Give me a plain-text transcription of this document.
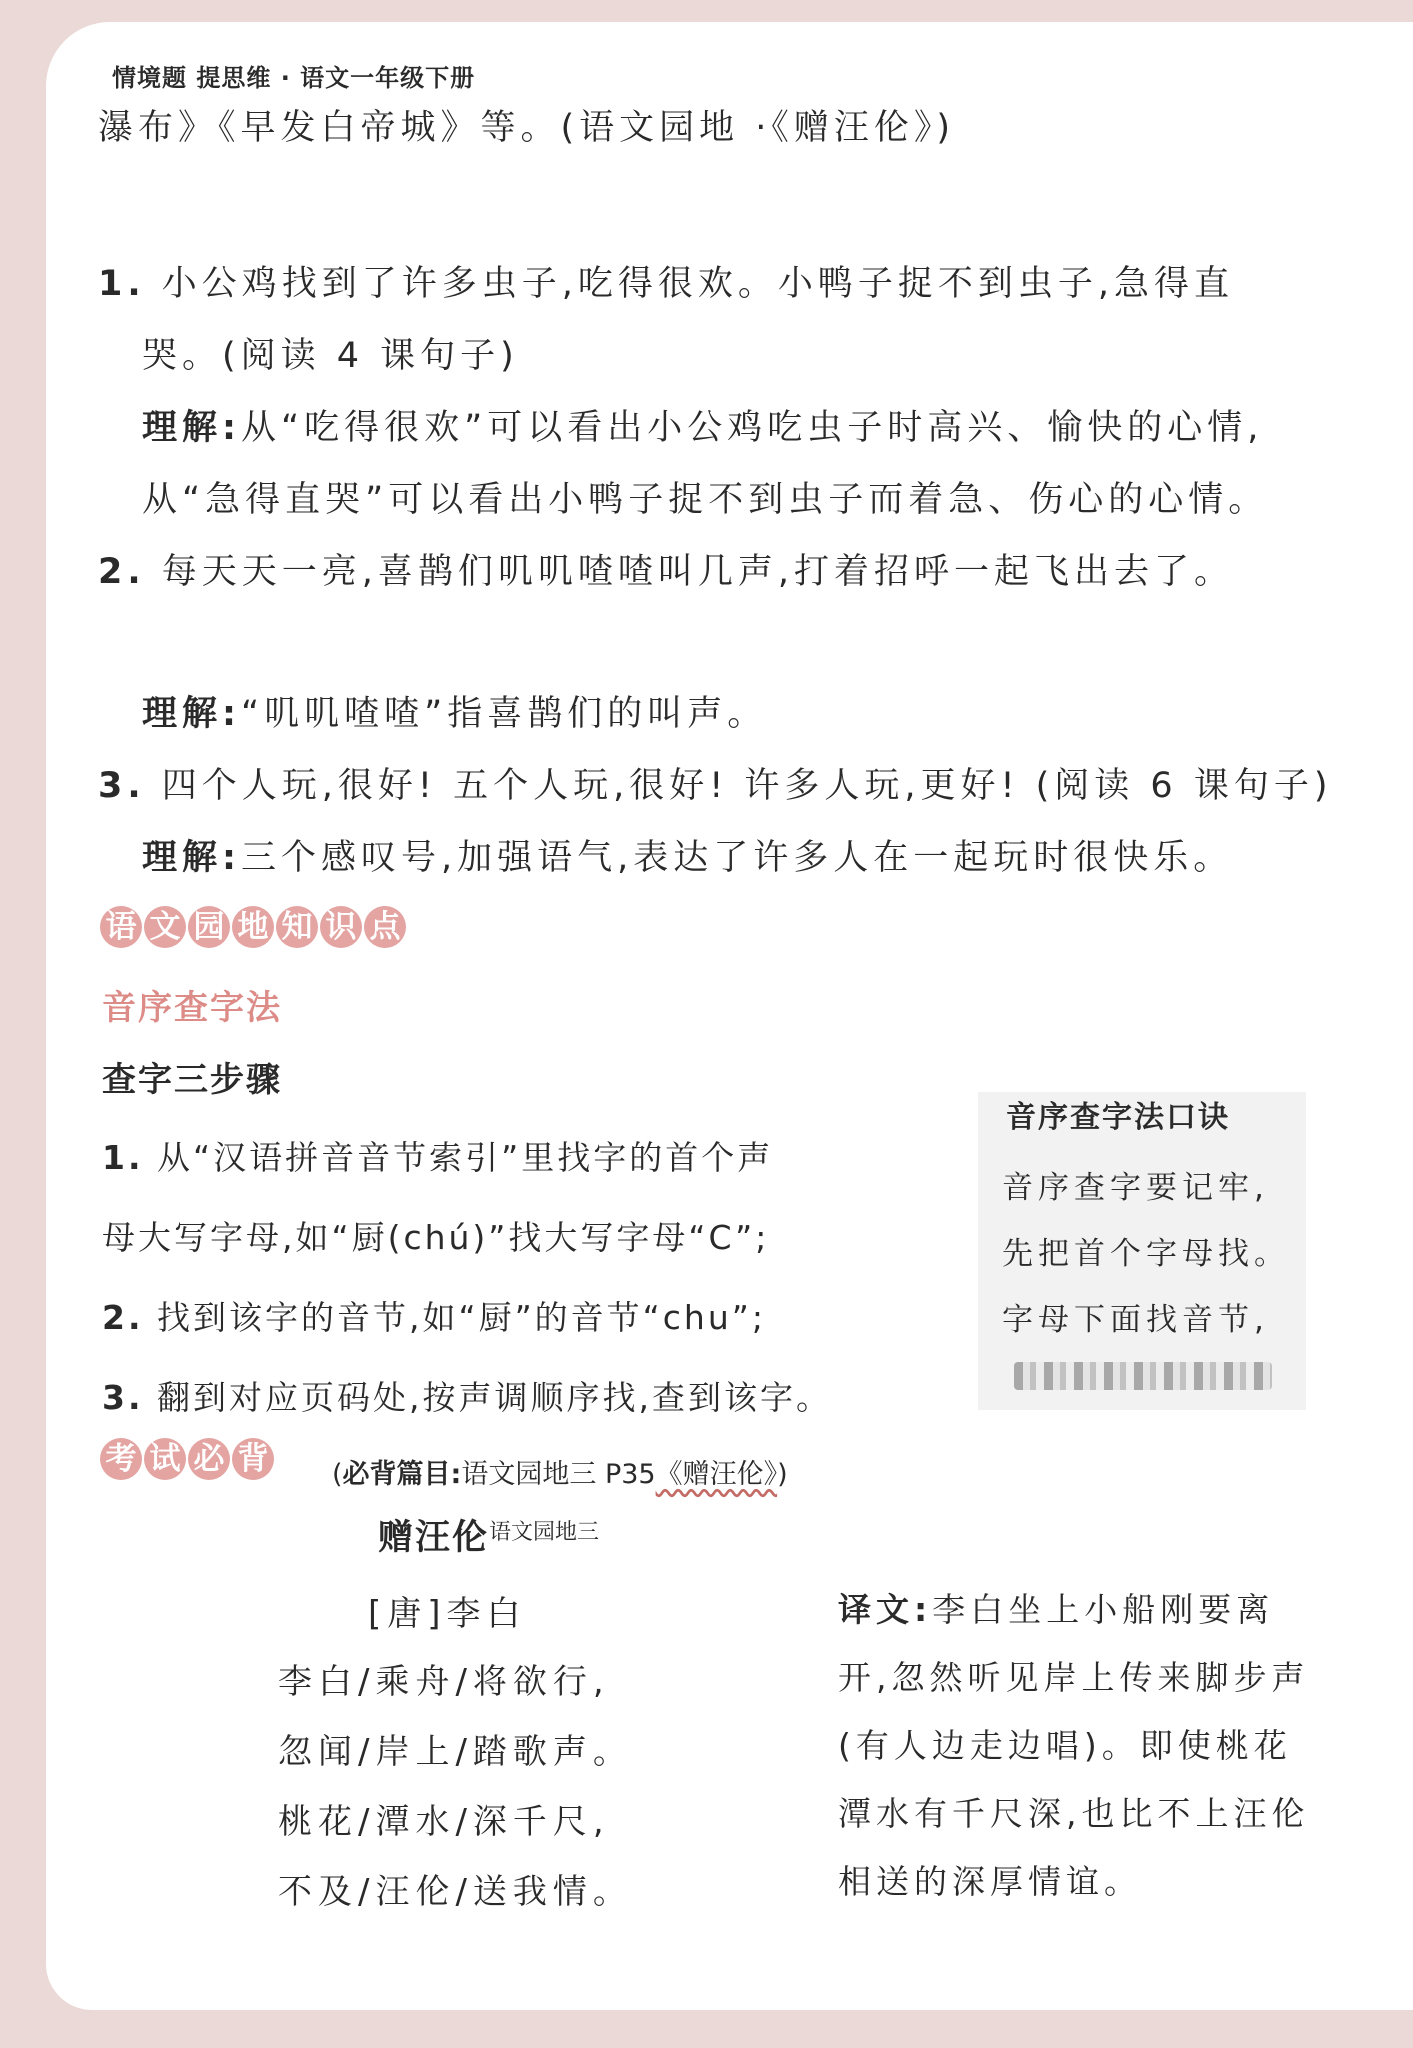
情境题 提思维 · 语文一年级下册
瀑布》《早发白帝城》等。(语文园地 ·《赠汪伦》)
1. 小公鸡找到了许多虫子,吃得很欢。小鸭子捉不到虫子,急得直
哭。(阅读 4 课句子)
理解:从“吃得很欢”可以看出小公鸡吃虫子时高兴、愉快的心情,
从“急得直哭”可以看出小鸭子捉不到虫子而着急、伤心的心情。
2. 每天天一亮,喜鹊们叽叽喳喳叫几声,打着招呼一起飞出去了。
理解:“叽叽喳喳”指喜鹊们的叫声。
3. 四个人玩,很好! 五个人玩,很好! 许多人玩,更好! (阅读 6 课句子)
理解:三个感叹号,加强语气,表达了许多人在一起玩时很快乐。
语 文 园 地 知 识 点
音序查字法
查字三步骤
1. 从“汉语拼音音节索引”里找字的首个声
母大写字母,如“厨(chú)”找大写字母“C”;
2. 找到该字的音节,如“厨”的音节“chu”;
3. 翻到对应页码处,按声调顺序找,查到该字。
音序查字法口诀
音序查字要记牢,
先把首个字母找。
字母下面找音节,
考 试 必 背 (必背篇目:语文园地三 P35《赠汪伦》)
赠汪伦$^{语文园地三}$
[唐]李白
李白/乘舟/将欲行,
忽闻/岸上/踏歌声。
桃花/潭水/深千尺,
不及/汪伦/送我情。
译文:李白坐上小船刚要离
开,忽然听见岸上传来脚步声
(有人边走边唱)。即使桃花
潭水有千尺深,也比不上汪伦
相送的深厚情谊。
